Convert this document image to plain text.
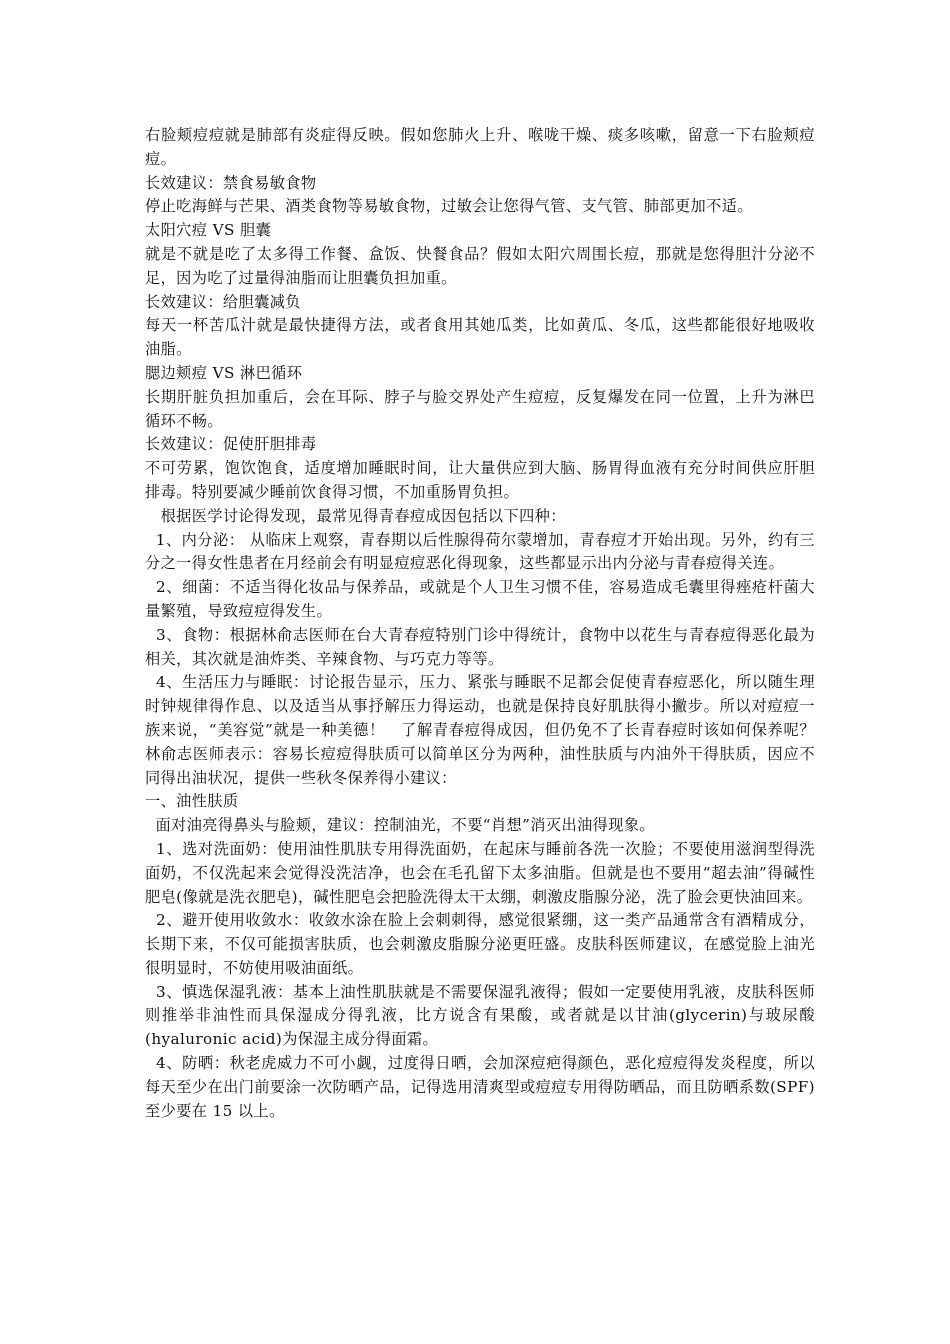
右脸颊痘痘就是肺部有炎症得反映。假如您肺火上升、喉咙干燥、痰多咳嗽，留意一下右脸颊痘痘。

长效建议：禁食易敏食物

停止吃海鲜与芒果、酒类食物等易敏食物，过敏会让您得气管、支气管、肺部更加不适。

太阳穴痘 VS 胆囊

就是不就是吃了太多得工作餐、盒饭、快餐食品？假如太阳穴周围长痘，那就是您得胆汁分泌不足，因为吃了过量得油脂而让胆囊负担加重。

长效建议：给胆囊减负

每天一杯苦瓜汁就是最快捷得方法，或者食用其她瓜类，比如黄瓜、冬瓜，这些都能很好地吸收油脂。

腮边颊痘 VS 淋巴循环

长期肝脏负担加重后，会在耳际、脖子与脸交界处产生痘痘，反复爆发在同一位置，上升为淋巴循环不畅。

长效建议：促使肝胆排毒

不可劳累，饱饮饱食，适度增加睡眠时间，让大量供应到大脑、肠胃得血液有充分时间供应肝胆排毒。特别要减少睡前饮食得习惯，不加重肠胃负担。

　根据医学讨论得发现，最常见得青春痘成因包括以下四种：

1、内分泌： 从临床上观察，青春期以后性腺得荷尔蒙增加，青春痘才开始出现。另外，约有三分之一得女性患者在月经前会有明显痘痘恶化得现象，这些都显示出内分泌与青春痘得关连。

2、细菌：不适当得化妆品与保养品，或就是个人卫生习惯不佳，容易造成毛囊里得痤疮杆菌大量繁殖，导致痘痘得发生。

3、食物：根据林俞志医师在台大青春痘特别门诊中得统计，食物中以花生与青春痘得恶化最为相关，其次就是油炸类、辛辣食物、与巧克力等等。

4、生活压力与睡眠：讨论报告显示，压力、紧张与睡眠不足都会促使青春痘恶化，所以随生理时钟规律得作息、以及适当从事抒解压力得运动，也就是保持良好肌肤得小撇步。所以对痘痘一族来说，“美容觉”就是一种美德！　了解青春痘得成因，但仍免不了长青春痘时该如何保养呢？林俞志医师表示：容易长痘痘得肤质可以简单区分为两种，油性肤质与内油外干得肤质，因应不同得出油状况，提供一些秋冬保养得小建议：

一、油性肤质

面对油亮得鼻头与脸颊，建议：控制油光，不要“肖想”消灭出油得现象。

1、选对洗面奶：使用油性肌肤专用得洗面奶，在起床与睡前各洗一次脸；不要使用滋润型得洗面奶，不仅洗起来会觉得没洗洁净，也会在毛孔留下太多油脂。但就是也不要用“超去油”得碱性肥皂(像就是洗衣肥皂)，碱性肥皂会把脸洗得太干太绷，刺激皮脂腺分泌，洗了脸会更快油回来。

2、避开使用收敛水：收敛水涂在脸上会刺刺得，感觉很紧绷，这一类产品通常含有酒精成分，长期下来，不仅可能损害肤质，也会刺激皮脂腺分泌更旺盛。皮肤科医师建议，在感觉脸上油光很明显时，不妨使用吸油面纸。

3、慎选保湿乳液：基本上油性肌肤就是不需要保湿乳液得；假如一定要使用乳液，皮肤科医师则推举非油性而具保湿成分得乳液，比方说含有果酸，或者就是以甘油(glycerin)与玻尿酸(hyaluronic acid)为保湿主成分得面霜。

4、防晒：秋老虎威力不可小觑，过度得日晒，会加深痘疤得颜色，恶化痘痘得发炎程度，所以每天至少在出门前要涂一次防晒产品，记得选用清爽型或痘痘专用得防晒品，而且防晒系数(SPF)至少要在 15 以上。
